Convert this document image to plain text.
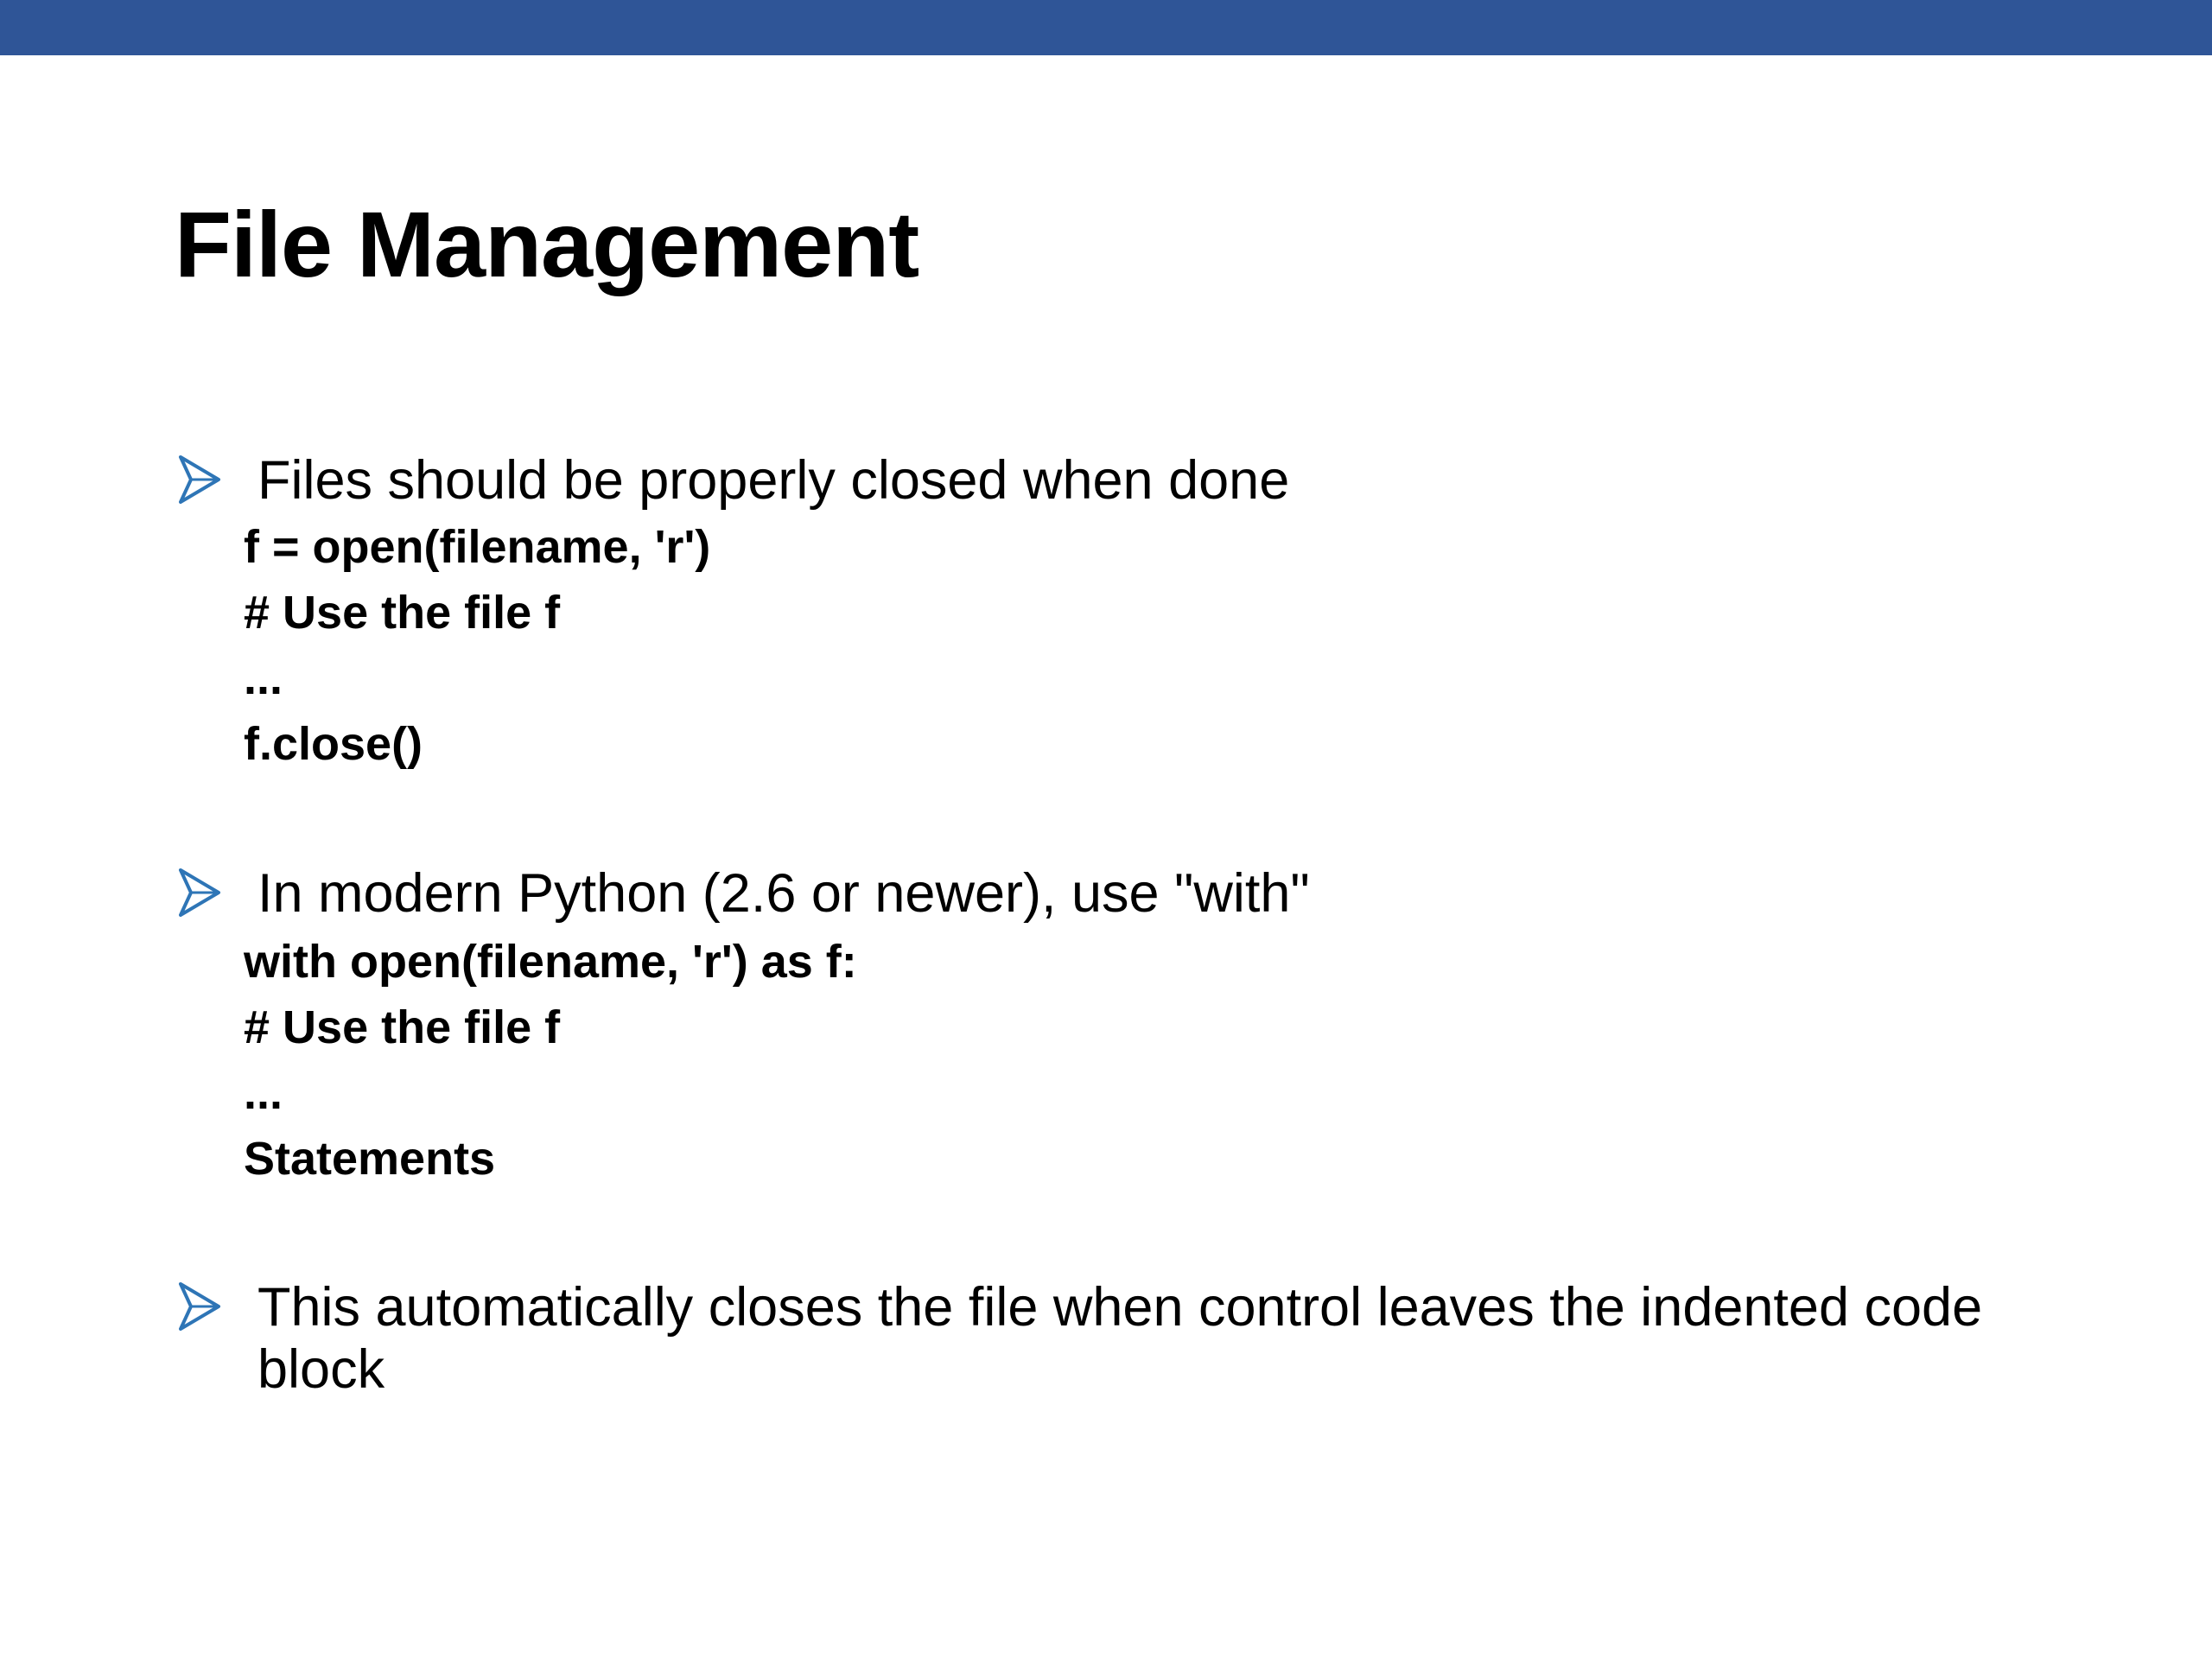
File Management
Files should be properly closed when done
f = open(filename, 'r')
# Use the file f
...
f.close()
In modern Python (2.6 or newer), use "with"
with open(filename, 'r') as f:
# Use the file f
...
Statements
This automatically closes the file when control leaves the indented code block
